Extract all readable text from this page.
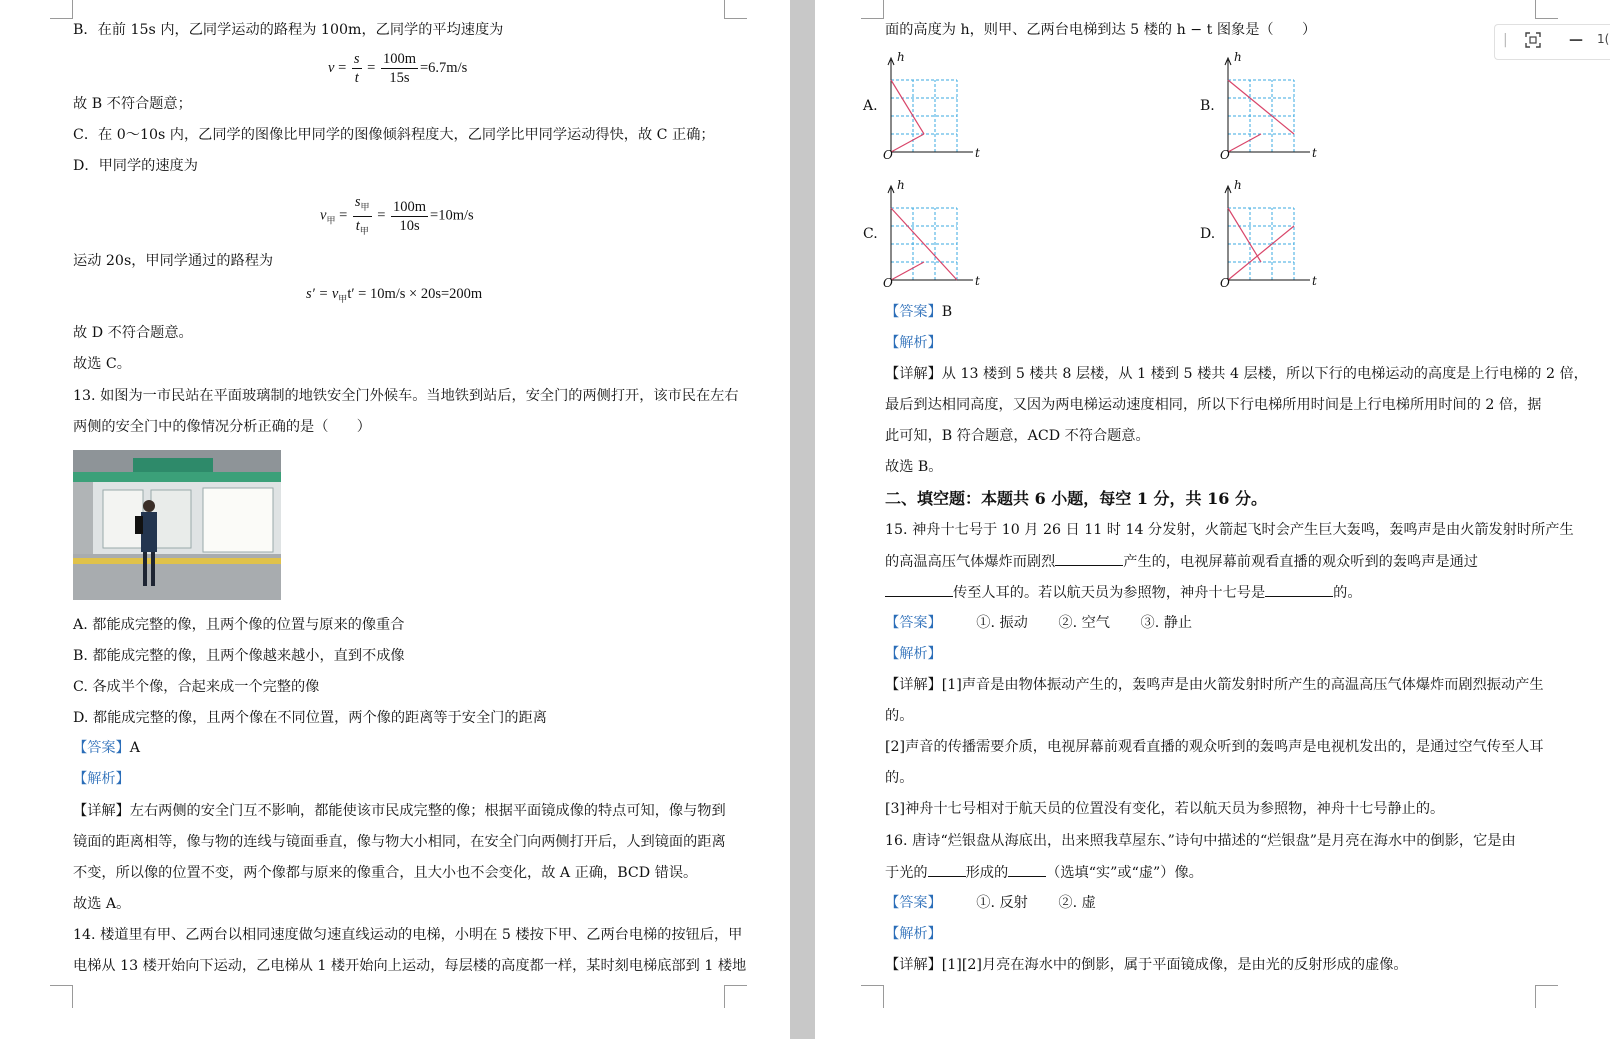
B．在前 15s 内，乙同学运动的路程为 100m，乙同学的平均速度为
故 B 不符合题意；
C．在 0～10s 内，乙同学的图像比甲同学的图像倾斜程度大，乙同学比甲同学运动得快，故 C 正确；
D．甲同学的速度为
运动 20s，甲同学通过的路程为
故 D 不符合题意。
故选 C。
13. 如图为一市民站在平面玻璃制的地铁安全门外候车。当地铁到站后，安全门的两侧打开，该市民在左右
两侧的安全门中的像情况分析正确的是（　　）
A. 都能成完整的像，且两个像的位置与原来的像重合
B. 都能成完整的像，且两个像越来越小，直到不成像
C. 各成半个像，合起来成一个完整的像
D. 都能成完整的像，且两个像在不同位置，两个像的距离等于安全门的距离
【详解】左右两侧的安全门互不影响，都能使该市民成完整的像；根据平面镜成像的特点可知，像与物到
镜面的距离相等，像与物的连线与镜面垂直，像与物大小相同，在安全门向两侧打开后，人到镜面的距离
不变，所以像的位置不变，两个像都与原来的像重合，且大小也不会变化，故 A 正确，BCD 错误。
故选 A。
14. 楼道里有甲、乙两台以相同速度做匀速直线运动的电梯，小明在 5 楼按下甲、乙两台电梯的按钮后，甲
电梯从 13 楼开始向下运动，乙电梯从 1 楼开始向上运动，每层楼的高度都一样，某时刻电梯底部到 1 楼地
$v = \frac{s}{t} = \frac{100m}{15s} =6.7m/s$
$v_甲 = \frac{s_甲}{t_甲} = \frac{100m}{10s} =10m/s$
$s' = v_甲t' = 10m/s \times 20s=200m$
【答案】A
【解析】
面的高度为 h，则甲、乙两台电梯到达 5 楼的 h − t 图象是（　　）
A.
h
t
O
B.
h
t
O
C.
h
t
O
D.
h
t
O
【答案】B
【解析】
【详解】从 13 楼到 5 楼共 8 层楼，从 1 楼到 5 楼共 4 层楼，所以下行的电梯运动的高度是上行电梯的 2 倍，
最后到达相同高度，又因为两电梯运动速度相同，所以下行电梯所用时间是上行电梯所用时间的 2 倍，据
此可知，B 符合题意，ACD 不符合题意。
故选 B。
二、填空题：本题共 6 小题，每空 1 分，共 16 分。
15. 神舟十七号于 10 月 26 日 11 时 14 分发射，火箭起飞时会产生巨大轰鸣，轰鸣声是由火箭发射时所产生
的高温高压气体爆炸而剧烈	产生的，电视屏幕前观看直播的观众听到的轰鸣声是通过
传至人耳的。若以航天员为参照物，神舟十七号是	的。
【答案】 ①. 振动 ②. 空气 ③. 静止
【解析】
【详解】[1]声音是由物体振动产生的，轰鸣声是由火箭发射时所产生的高温高压气体爆炸而剧烈振动产生
的。
[2]声音的传播需要介质，电视屏幕前观看直播的观众听到的轰鸣声是电视机发出的，是通过空气传至人耳
的。
[3]神舟十七号相对于航天员的位置没有变化，若以航天员为参照物，神舟十七号静止的。
16. 唐诗“烂银盘从海底出，出来照我草屋东、”诗句中描述的“烂银盘”是月亮在海水中的倒影，它是由
于光的	形成的	（选填“实”或“虚”）像。
【答案】 ①. 反射 ②. 虚
【解析】
【详解】[1][2]月亮在海水中的倒影，属于平面镜成像，是由光的反射形成的虚像。
|	— 1(
